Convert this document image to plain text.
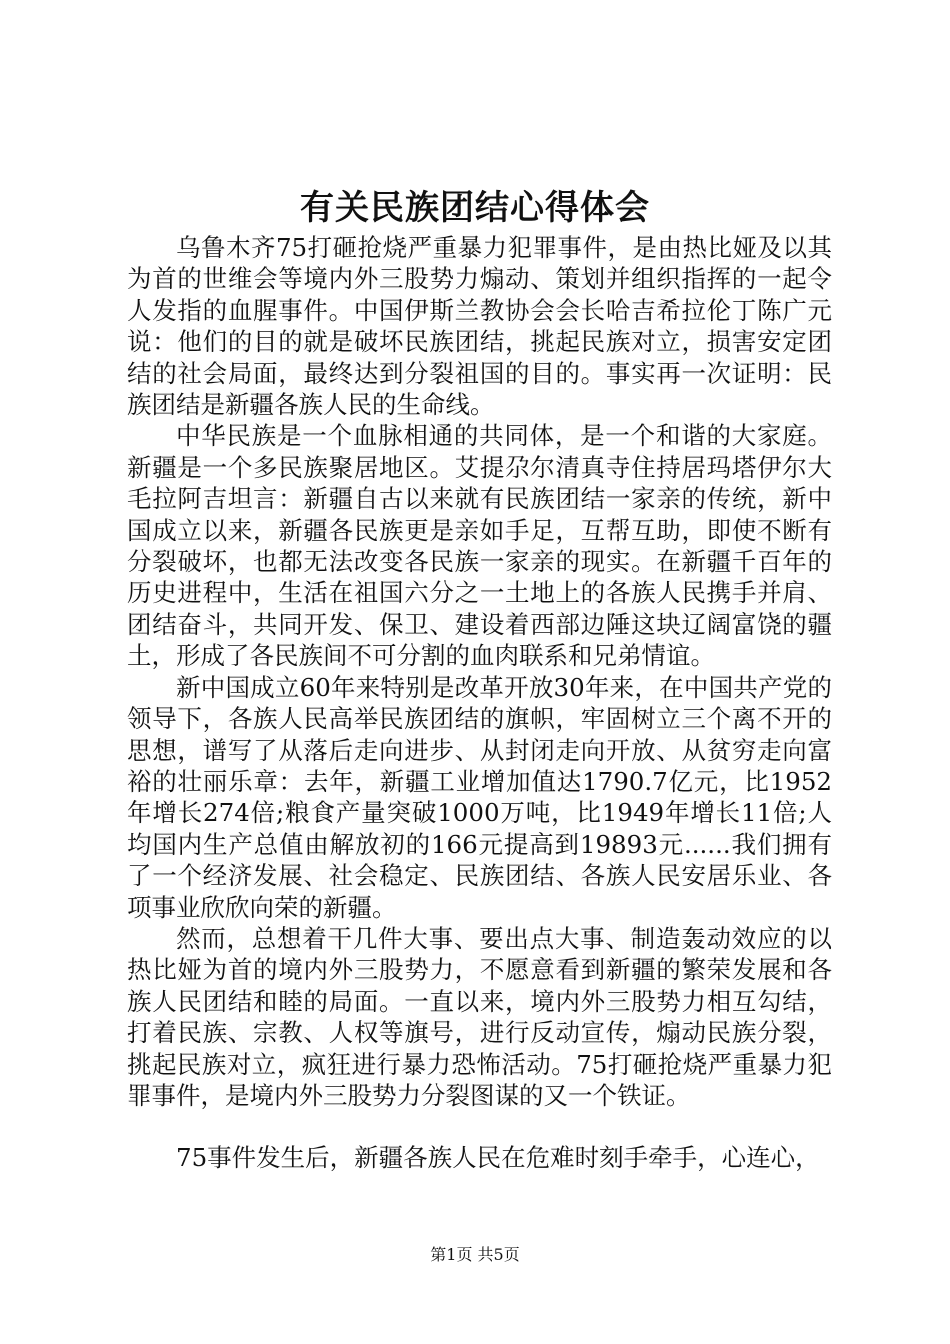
有关民族团结心得体会

乌鲁木齐75打砸抢烧严重暴力犯罪事件，是由热比娅及以其为首的世维会等境内外三股势力煽动、策划并组织指挥的一起令人发指的血腥事件。中国伊斯兰教协会会长哈吉希拉伦丁陈广元说：他们的目的就是破坏民族团结，挑起民族对立，损害安定团结的社会局面，最终达到分裂祖国的目的。事实再一次证明：民族团结是新疆各族人民的生命线。

中华民族是一个血脉相通的共同体，是一个和谐的大家庭。新疆是一个多民族聚居地区。艾提尕尔清真寺住持居玛塔伊尔大毛拉阿吉坦言：新疆自古以来就有民族团结一家亲的传统，新中国成立以来，新疆各民族更是亲如手足，互帮互助，即使不断有分裂破坏，也都无法改变各民族一家亲的现实。在新疆千百年的历史进程中，生活在祖国六分之一土地上的各族人民携手并肩、团结奋斗，共同开发、保卫、建设着西部边陲这块辽阔富饶的疆土，形成了各民族间不可分割的血肉联系和兄弟情谊。

新中国成立60年来特别是改革开放30年来，在中国共产党的领导下，各族人民高举民族团结的旗帜，牢固树立三个离不开的思想，谱写了从落后走向进步、从封闭走向开放、从贫穷走向富裕的壮丽乐章：去年，新疆工业增加值达1790.7亿元，比1952年增长274倍;粮食产量突破1000万吨，比1949年增长11倍;人均国内生产总值由解放初的166元提高到19893元......我们拥有了一个经济发展、社会稳定、民族团结、各族人民安居乐业、各项事业欣欣向荣的新疆。

然而，总想着干几件大事、要出点大事、制造轰动效应的以热比娅为首的境内外三股势力，不愿意看到新疆的繁荣发展和各族人民团结和睦的局面。一直以来，境内外三股势力相互勾结，打着民族、宗教、人权等旗号，进行反动宣传，煽动民族分裂，挑起民族对立，疯狂进行暴力恐怖活动。75打砸抢烧严重暴力犯罪事件，是境内外三股势力分裂图谋的又一个铁证。

75事件发生后，新疆各族人民在危难时刻手牵手，心连心，

第1页 共5页
